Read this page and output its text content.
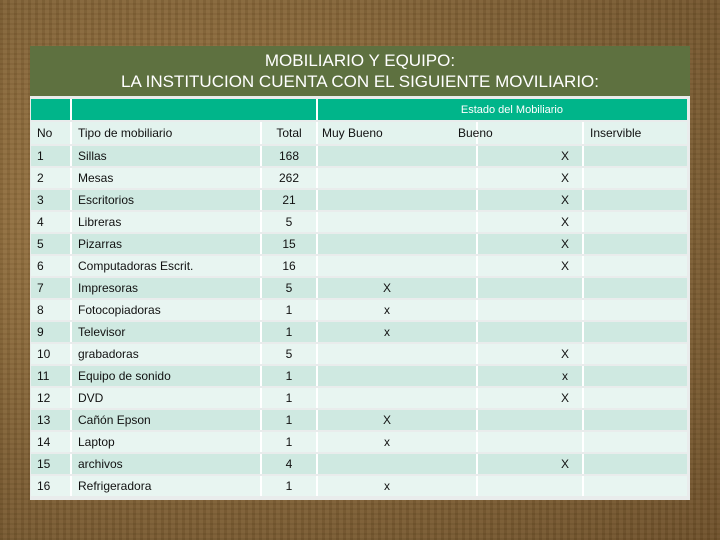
MOBILIARIO Y EQUIPO:
LA INSTITUCION CUENTA CON EL SIGUIENTE MOVILIARIO:
			Estado del Mobiliario		
No	Tipo de mobiliario	Total	Muy Bueno	Bueno	Inservible
1	Sillas	168		X	
2	Mesas	262		X	
3	Escritorios	21		X	
4	Libreras	5		X	
5	Pizarras	15		X	
6	Computadoras Escrit.	16		X	
7	Impresoras	5	X		
8	Fotocopiadoras	1	x		
9	Televisor	1	x		
10	grabadoras	5		X	
11	Equipo de sonido	1		x	
12	DVD	1		X	
13	Cañón Epson	1	X		
14	Laptop	1	x		
15	archivos	4		X	
16	Refrigeradora	1	x		
